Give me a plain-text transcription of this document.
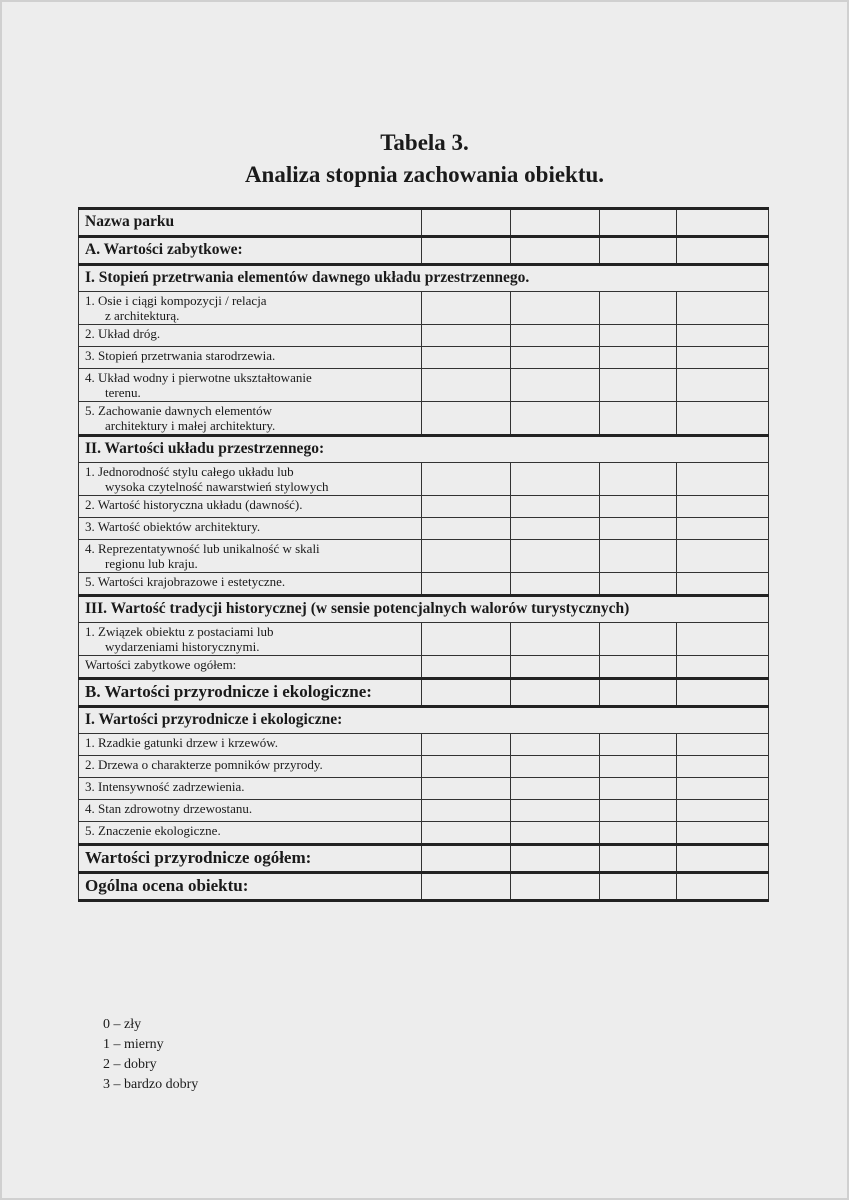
Tabela 3.
Analiza stopnia zachowania obiektu.
Nazwa parku				
A. Wartości zabytkowe:				
I. Stopień przetrwania elementów dawnego układu przestrzennego.				
1. Osie i ciągi kompozycji / relacja
z architekturą.				

2. Układ dróg.				
3. Stopień przetrwania starodrzewia.				
4. Układ wodny i pierwotne ukształtowanie
terenu.				

5. Zachowanie dawnych elementów
architektury i małej architektury.				

II. Wartości układu przestrzennego:				
1. Jednorodność stylu całego układu lub
wysoka czytelność nawarstwień stylowych				

2. Wartość historyczna układu (dawność).				
3. Wartość obiektów architektury.				
4. Reprezentatywność lub unikalność w skali
regionu lub kraju.				

5. Wartości krajobrazowe i estetyczne.				
III. Wartość tradycji historycznej (w sensie potencjalnych walorów turystycznych)				
1. Związek obiektu z postaciami lub
wydarzeniami historycznymi.				

Wartości zabytkowe ogółem:				
B. Wartości przyrodnicze i ekologiczne:				
I. Wartości przyrodnicze i ekologiczne:				
1. Rzadkie gatunki drzew i krzewów.				
2. Drzewa o charakterze pomników przyrody.				
3. Intensywność zadrzewienia.				
4. Stan zdrowotny drzewostanu.				
5. Znaczenie ekologiczne.				
Wartości przyrodnicze ogółem:				
Ogólna ocena obiektu:				
0 – zły
1 – mierny
2 – dobry
3 – bardzo dobry
